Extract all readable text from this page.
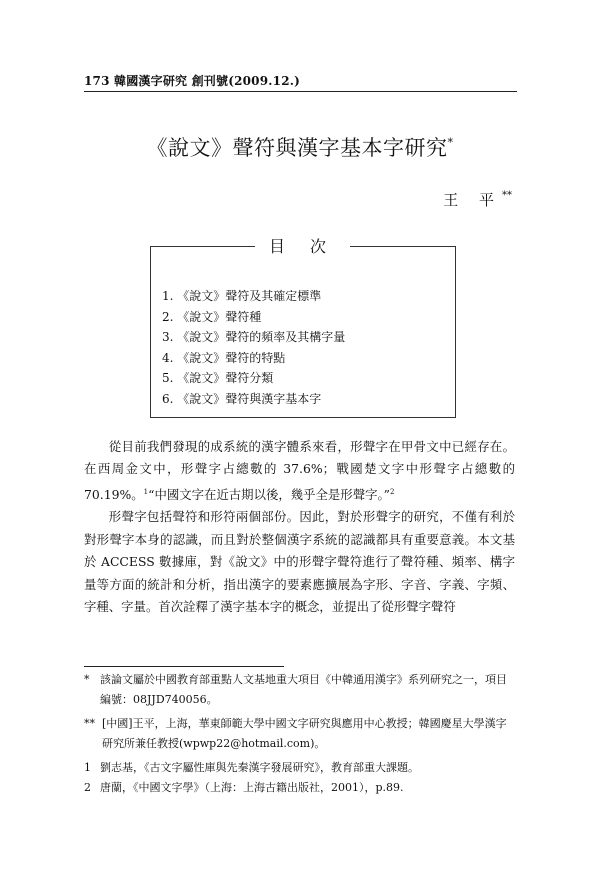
173 韓國漢字研究 創刊號(2009.12.)
《說文》聲符與漢字基本字研究*
王 平**
目 次
1. 《說文》聲符及其確定標準
2. 《說文》聲符種
3. 《說文》聲符的頻率及其構字量
4. 《說文》聲符的特點
5. 《說文》聲符分類
6. 《說文》聲符與漢字基本字

從目前我們發現的成系統的漢字體系來看，形聲字在甲骨文中已經存在。在西周金文中，形聲字占總數的 37.6%；戰國楚文字中形聲字占總數的 70.19%。$^1$“中國文字在近古期以後，幾乎全是形聲字。”$^2$

形聲字包括聲符和形符兩個部份。因此，對於形聲字的研究，不僅有利於對形聲字本身的認識，而且對於整個漢字系統的認識都具有重要意義。本文基於 ACCESS 數據庫，對《說文》中的形聲字聲符進行了聲符種、頻率、構字量等方面的統計和分析，指出漢字的要素應擴展為字形、字音、字義、字頻、字種、字量。首次詮釋了漢字基本字的概念，並提出了從形聲字聲符

* 該論文屬於中國教育部重點人文基地重大項目《中韓通用漢字》系列研究之一，項目編號：08JJD740056。
** [中國]王平，上海，華東師範大學中國文字研究與應用中心教授；韓國慶星大學漢字研究所兼任教授(wpwp22@hotmail.com)。
1 劉志基，《古文字屬性庫與先秦漢字發展研究》，教育部重大課題。
2 唐蘭，《中國文字學》（上海：上海古籍出版社，2001），p.89.
